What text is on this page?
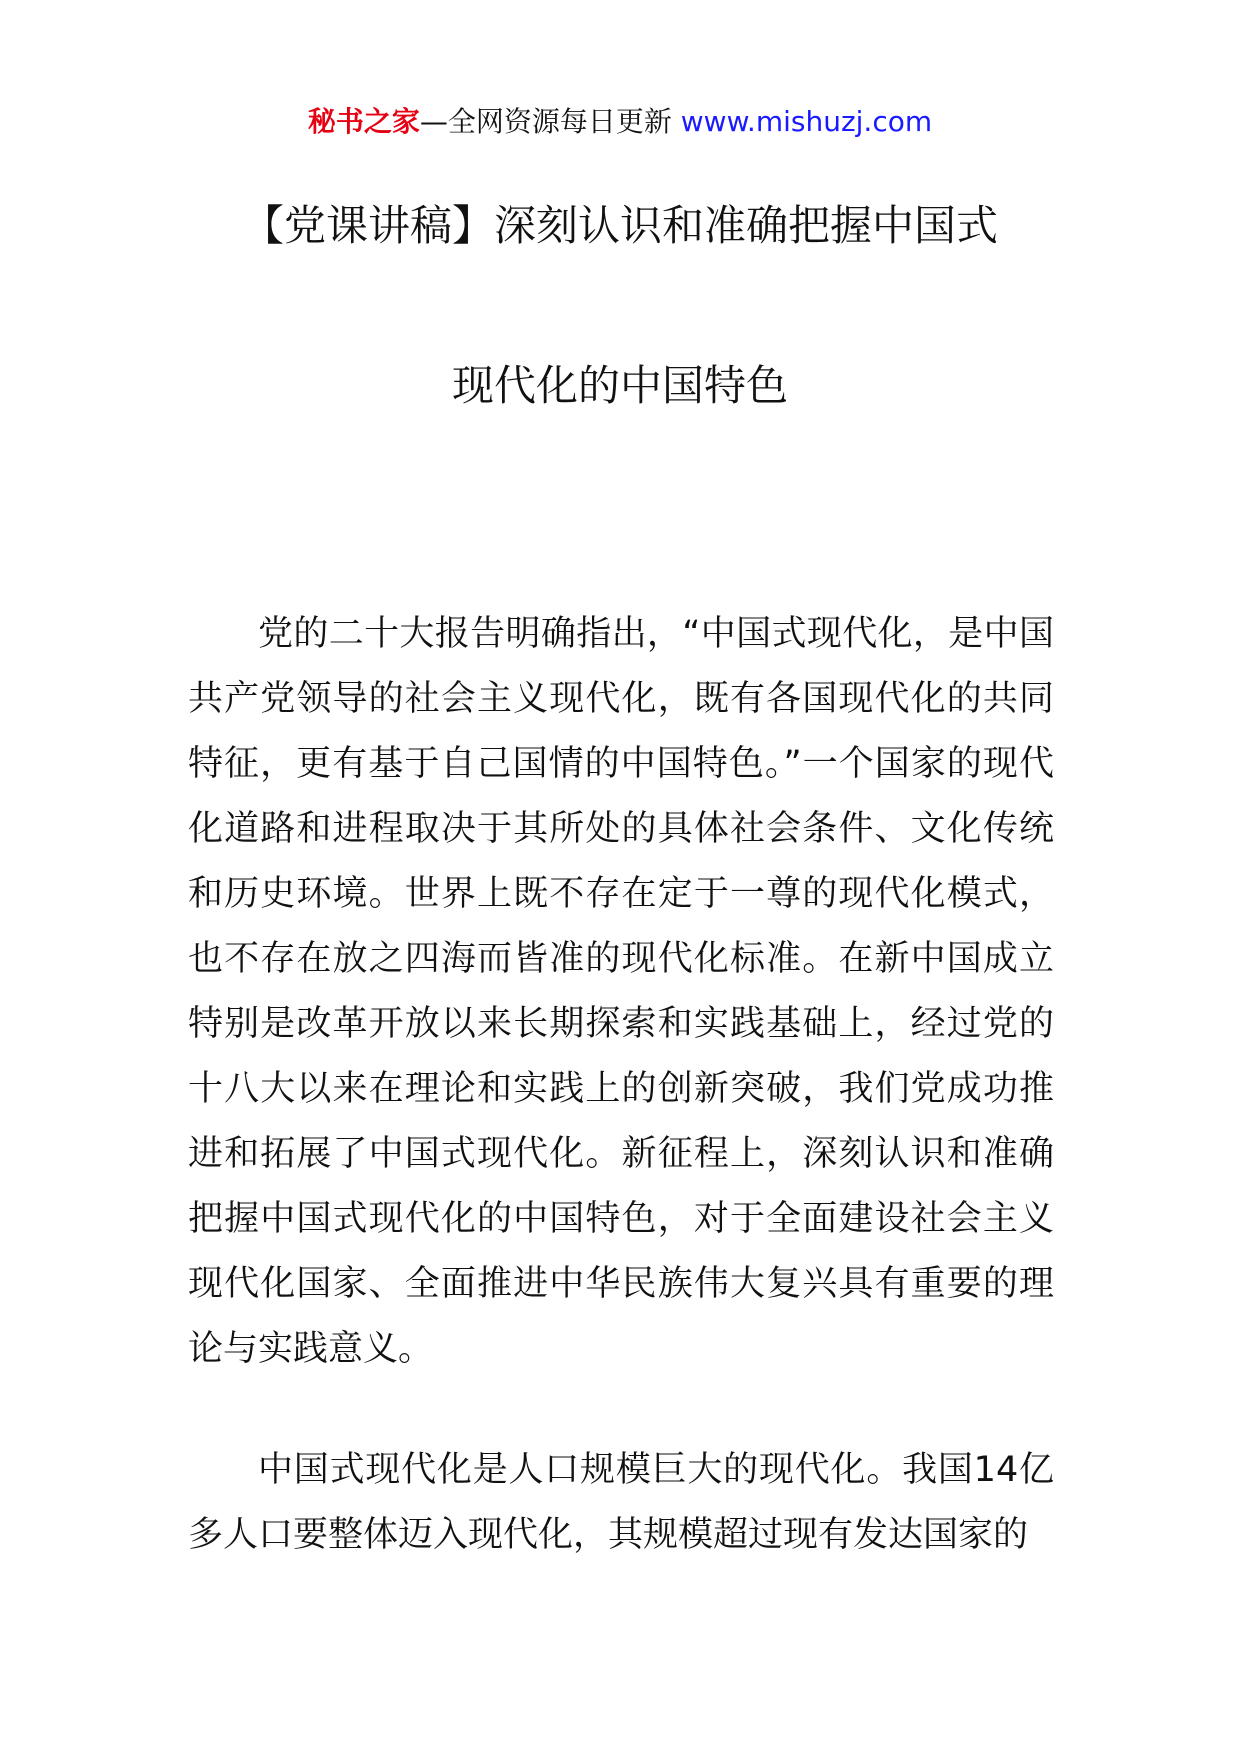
秘书之家—全网资源每日更新 www.mishuzj.com
【党课讲稿】深刻认识和准确把握中国式
现代化的中国特色

党的二十大报告明确指出，“中国式现代化，是中国共产党领导的社会主义现代化，既有各国现代化的共同特征，更有基于自己国情的中国特色。”一个国家的现代化道路和进程取决于其所处的具体社会条件、文化传统和历史环境。世界上既不存在定于一尊的现代化模式，也不存在放之四海而皆准的现代化标准。在新中国成立特别是改革开放以来长期探索和实践基础上，经过党的十八大以来在理论和实践上的创新突破，我们党成功推进和拓展了中国式现代化。新征程上，深刻认识和准确把握中国式现代化的中国特色，对于全面建设社会主义现代化国家、全面推进中华民族伟大复兴具有重要的理论与实践意义。

中国式现代化是人口规模巨大的现代化。我国14亿多人口要整体迈入现代化，其规模超过现有发达国家的
